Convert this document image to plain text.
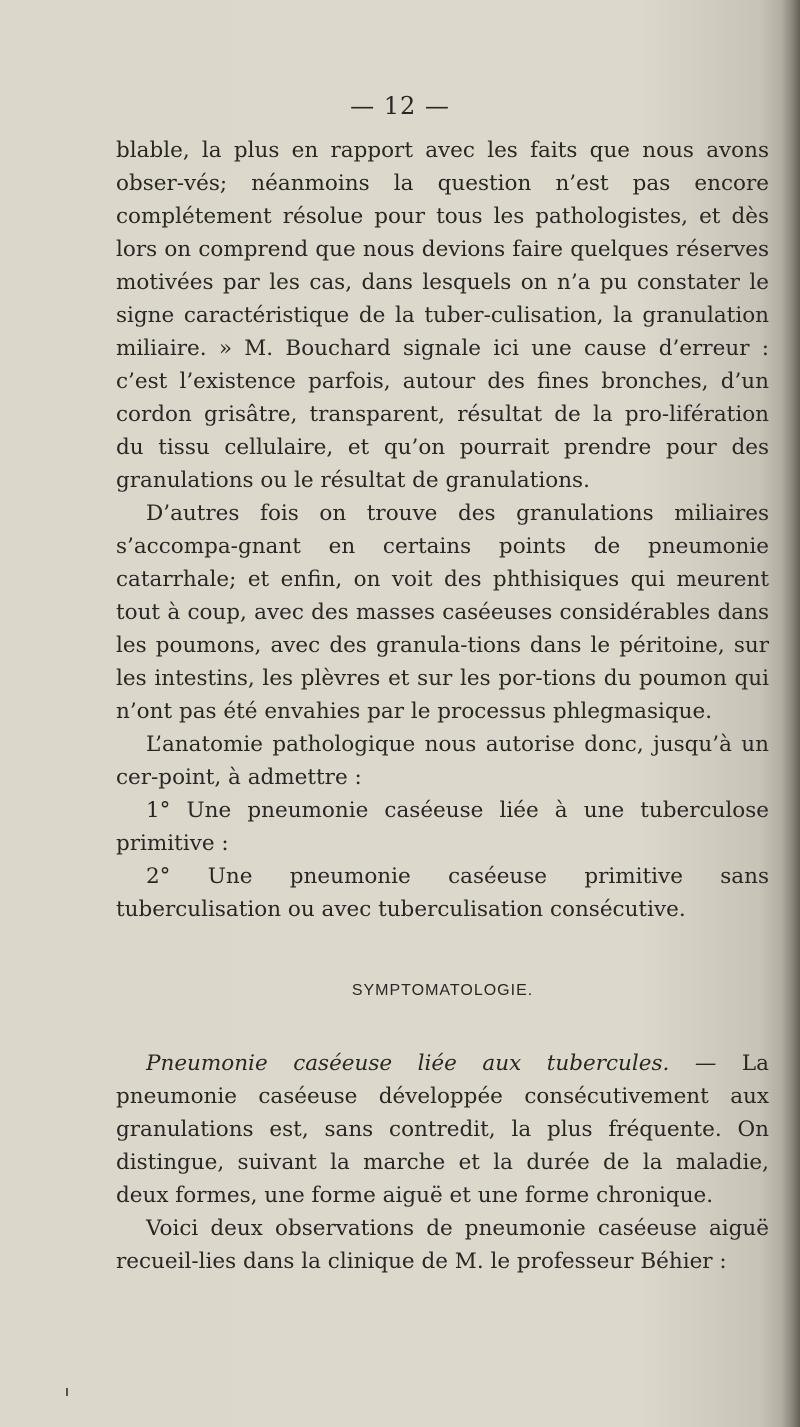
— 12 —

blable, la plus en rapport avec les faits que nous avons obser-vés; néanmoins la question n’est pas encore complétement résolue pour tous les pathologistes, et dès lors on comprend que nous devions faire quelques réserves motivées par les cas, dans lesquels on n’a pu constater le signe caractéristique de la tuber-culisation, la granulation miliaire. » M. Bouchard signale ici une cause d’erreur : c’est l’existence parfois, autour des fines bronches, d’un cordon grisâtre, transparent, résultat de la pro-lifération du tissu cellulaire, et qu’on pourrait prendre pour des granulations ou le résultat de granulations.

D’autres fois on trouve des granulations miliaires s’accompa-gnant en certains points de pneumonie catarrhale; et enfin, on voit des phthisiques qui meurent tout à coup, avec des masses caséeuses considérables dans les poumons, avec des granula-tions dans le péritoine, sur les intestins, les plèvres et sur les por-tions du poumon qui n’ont pas été envahies par le processus phlegmasique.

L’anatomie pathologique nous autorise donc, jusqu’à un cer-point, à admettre :

1° Une pneumonie caséeuse liée à une tuberculose primitive :

2° Une pneumonie caséeuse primitive sans tuberculisation ou avec tuberculisation consécutive.

SYMPTOMATOLOGIE.

Pneumonie caséeuse liée aux tubercules. — La pneumonie caséeuse développée consécutivement aux granulations est, sans contredit, la plus fréquente. On distingue, suivant la marche et la durée de la maladie, deux formes, une forme aiguë et une forme chronique.

Voici deux observations de pneumonie caséeuse aiguë recueil-lies dans la clinique de M. le professeur Béhier :
